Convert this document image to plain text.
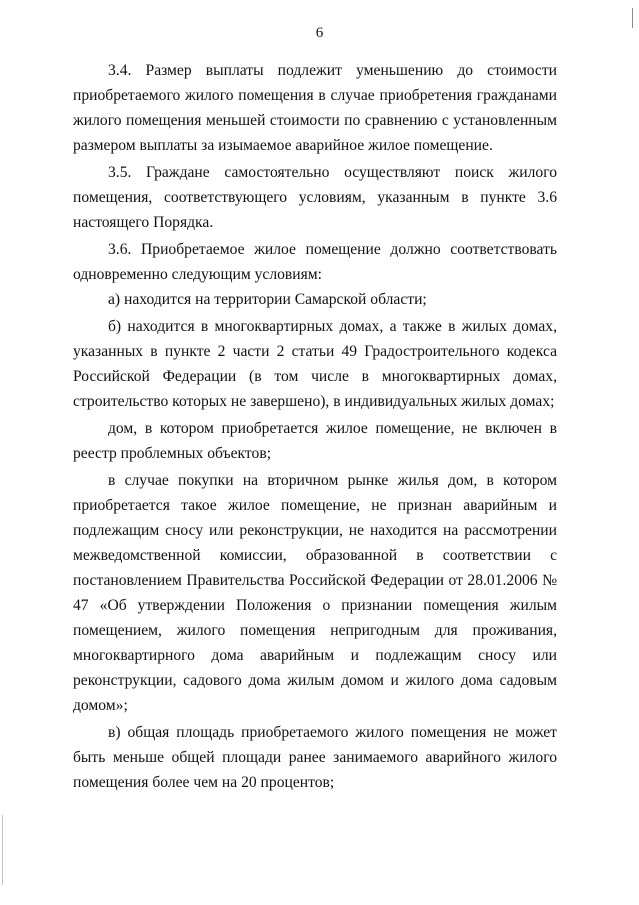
6

3.4. Размер выплаты подлежит уменьшению до стоимости приобретаемого жилого помещения в случае приобретения гражданами жилого помещения меньшей стоимости по сравнению с установленным размером выплаты за изымаемое аварийное жилое помещение.

3.5. Граждане самостоятельно осуществляют поиск жилого помещения, соответствующего условиям, указанным в пункте 3.6 настоящего Порядка.

3.6. Приобретаемое жилое помещение должно соответствовать одновременно следующим условиям:

а) находится на территории Самарской области;

б) находится в многоквартирных домах, а также в жилых домах, указанных в пункте 2 части 2 статьи 49 Градостроительного кодекса Российской Федерации (в том числе в многоквартирных домах, строительство которых не завершено), в индивидуальных жилых домах;

дом, в котором приобретается жилое помещение, не включен в реестр проблемных объектов;

в случае покупки на вторичном рынке жилья дом, в котором приобретается такое жилое помещение, не признан аварийным и подлежащим сносу или реконструкции, не находится на рассмотрении межведомственной комиссии, образованной в соответствии с постановлением Правительства Российской Федерации от 28.01.2006 № 47 «Об утверждении Положения о признании помещения жилым помещением, жилого помещения непригодным для проживания, многоквартирного дома аварийным и подлежащим сносу или реконструкции, садового дома жилым домом и жилого дома садовым домом»;

в) общая площадь приобретаемого жилого помещения не может быть меньше общей площади ранее занимаемого аварийного жилого помещения более чем на 20 процентов;
